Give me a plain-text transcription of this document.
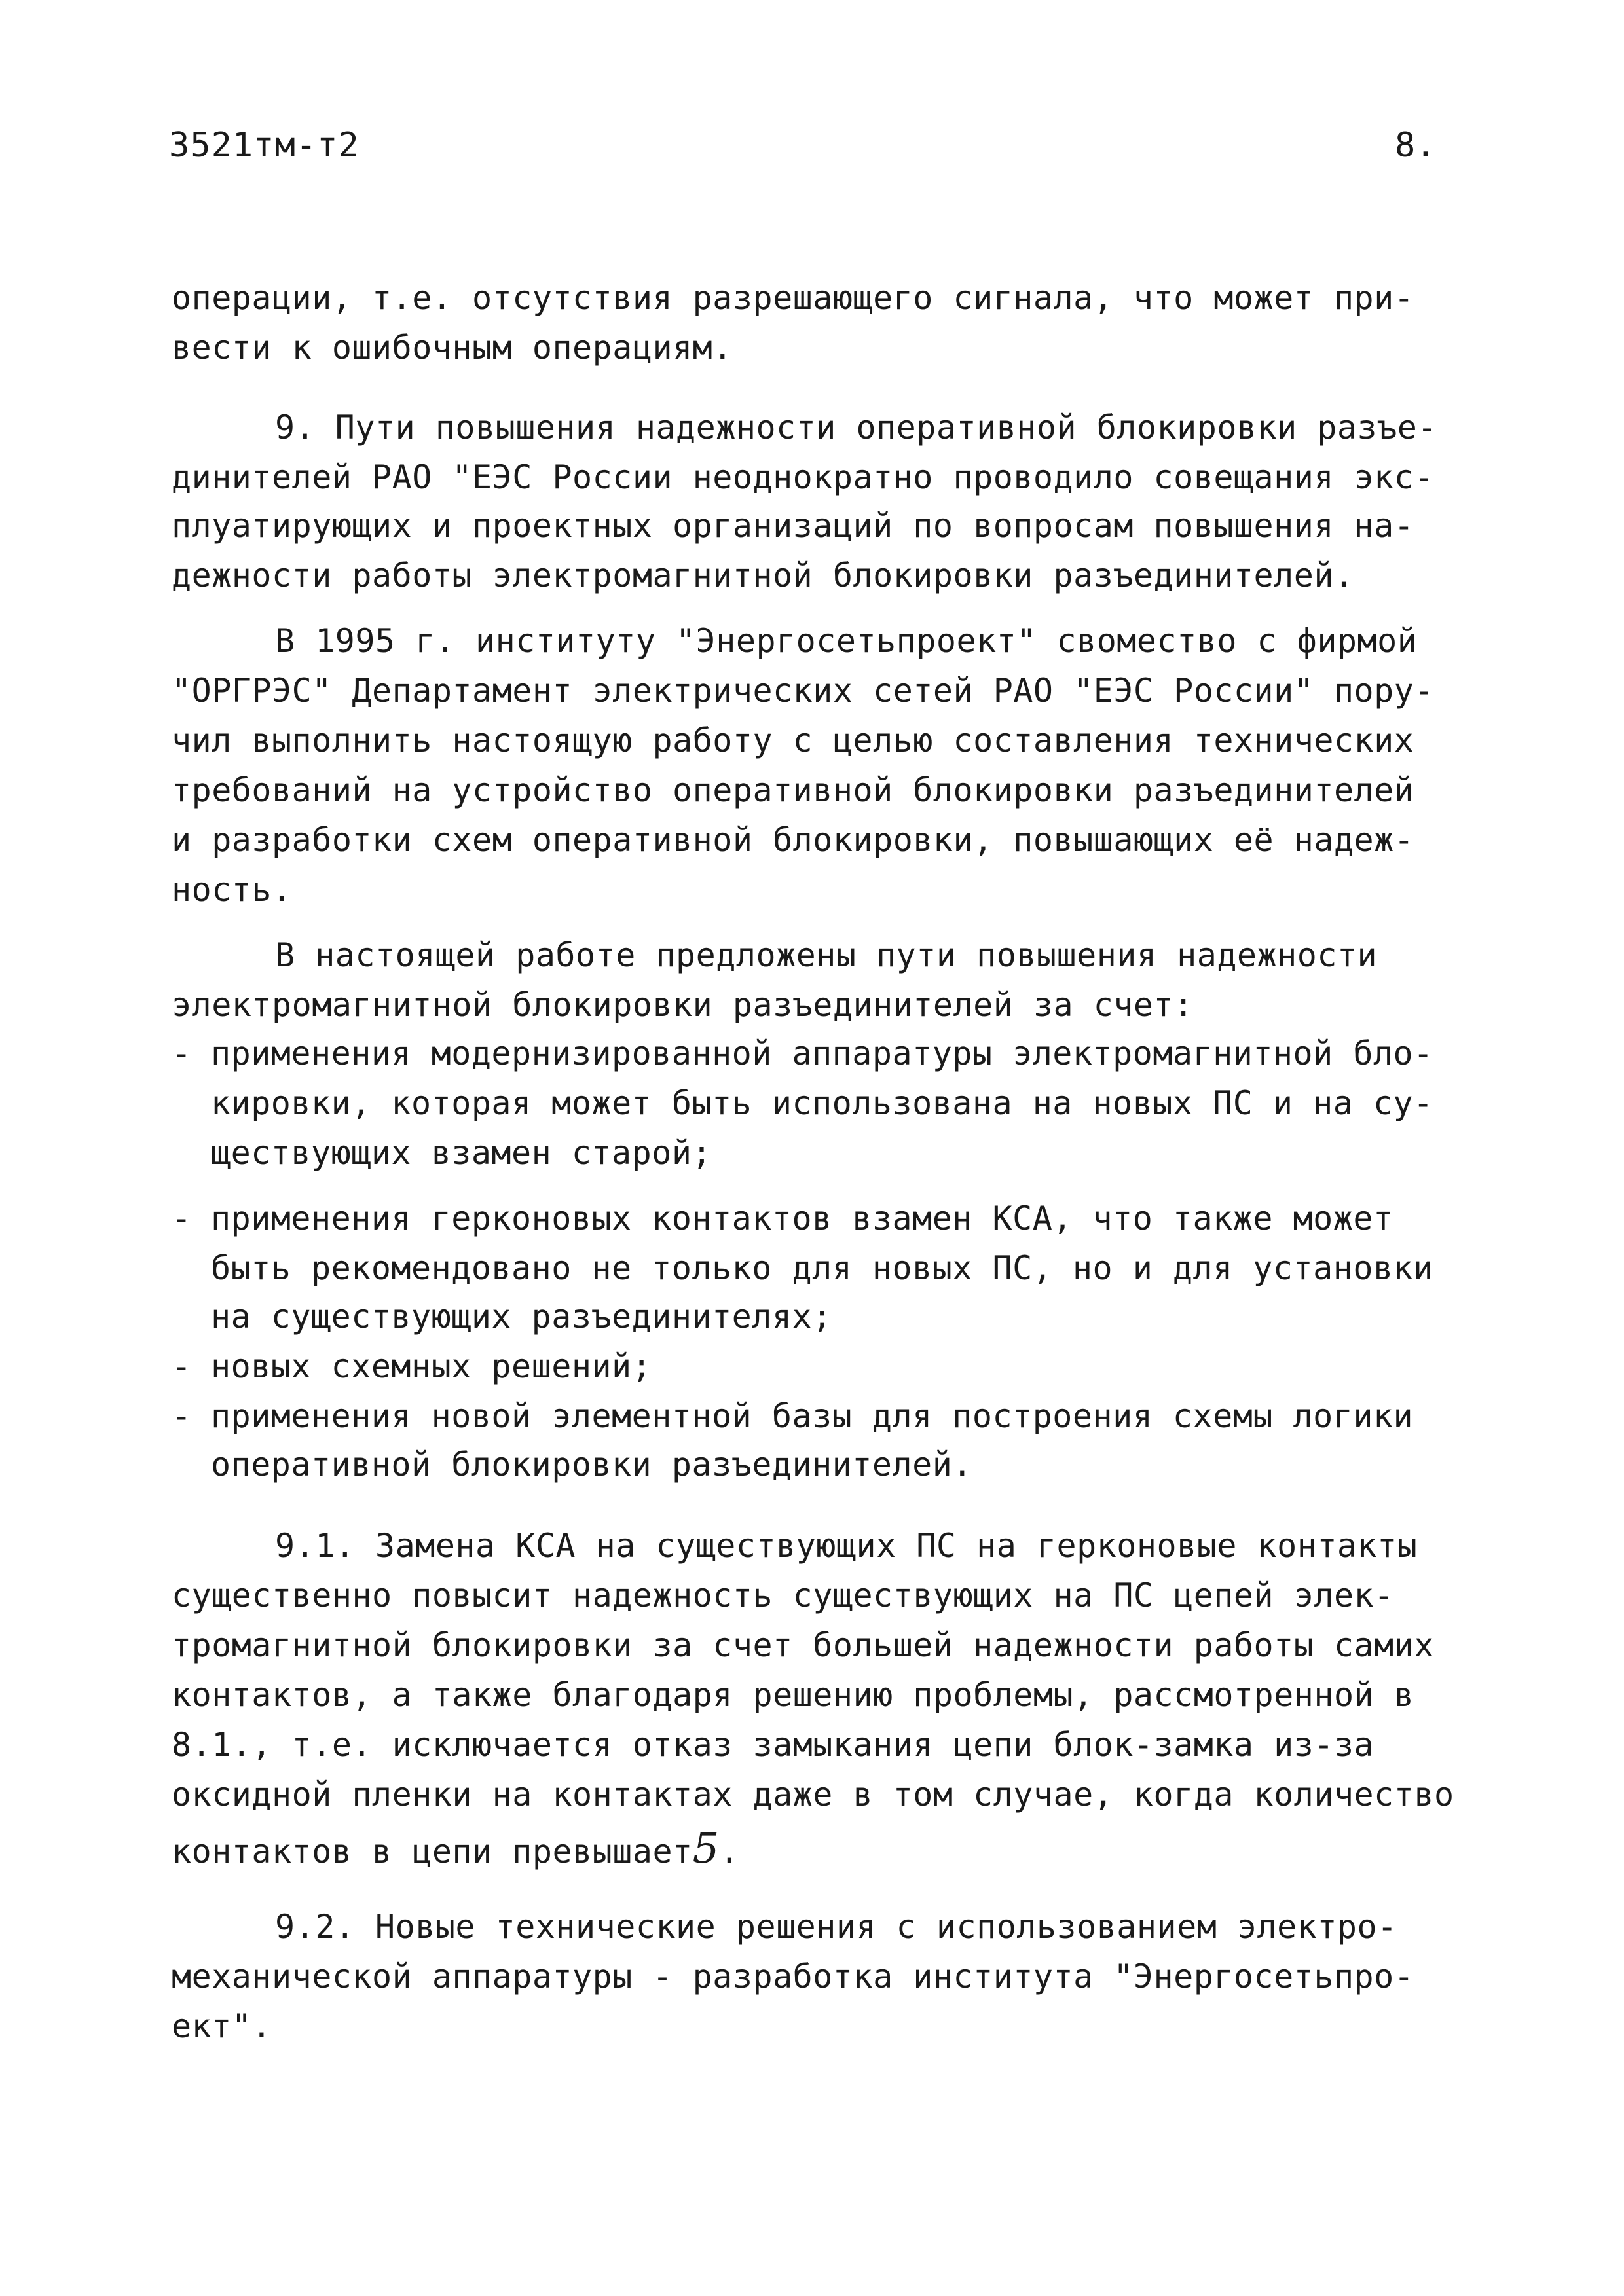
3521тм-т2	8.
операции, т.е. отсутствия разрешающего сигнала, что может при-
вести к ошибочным операциям.
9. Пути повышения надежности оперативной блокировки разъе-
динителей РАО "ЕЭС России неоднократно проводило совещания экс-
плуатирующих и проектных организаций по вопросам повышения на-
дежности работы электромагнитной блокировки разъединителей.
В 1995 г. институту "Энергосетьпроект" свомество с фирмой
"ОРГРЭС" Департамент электрических сетей РАО "ЕЭС России" пору-
чил выполнить настоящую работу с целью составления технических
требований на устройство оперативной блокировки разъединителей
и разработки схем оперативной блокировки, повышающих её надеж-
ность.
В настоящей работе предложены пути повышения надежности
электромагнитной блокировки разъединителей за счет:
- применения модернизированной аппаратуры электромагнитной бло-
кировки, которая может быть использована на новых ПС и на су-
ществующих взамен старой;
- применения герконовых контактов взамен КСА, что также может
быть рекомендовано не только для новых ПС, но и для установки
на существующих разъединителях;
- новых схемных решений;
- применения новой элементной базы для построения схемы логики
оперативной блокировки разъединителей.
9.1. Замена КСА на существующих ПС на герконовые контакты
существенно повысит надежность существующих на ПС цепей элек-
тромагнитной блокировки за счет большей надежности работы самих
контактов, а также благодаря решению проблемы, рассмотренной в
8.1., т.е. исключается отказ замыкания цепи блок-замка из-за
оксидной пленки на контактах даже в том случае, когда количество
контактов в цепи превышает5.
9.2. Новые технические решения с использованием электро-
механической аппаратуры - разработка института "Энергосетьпро-
ект".
